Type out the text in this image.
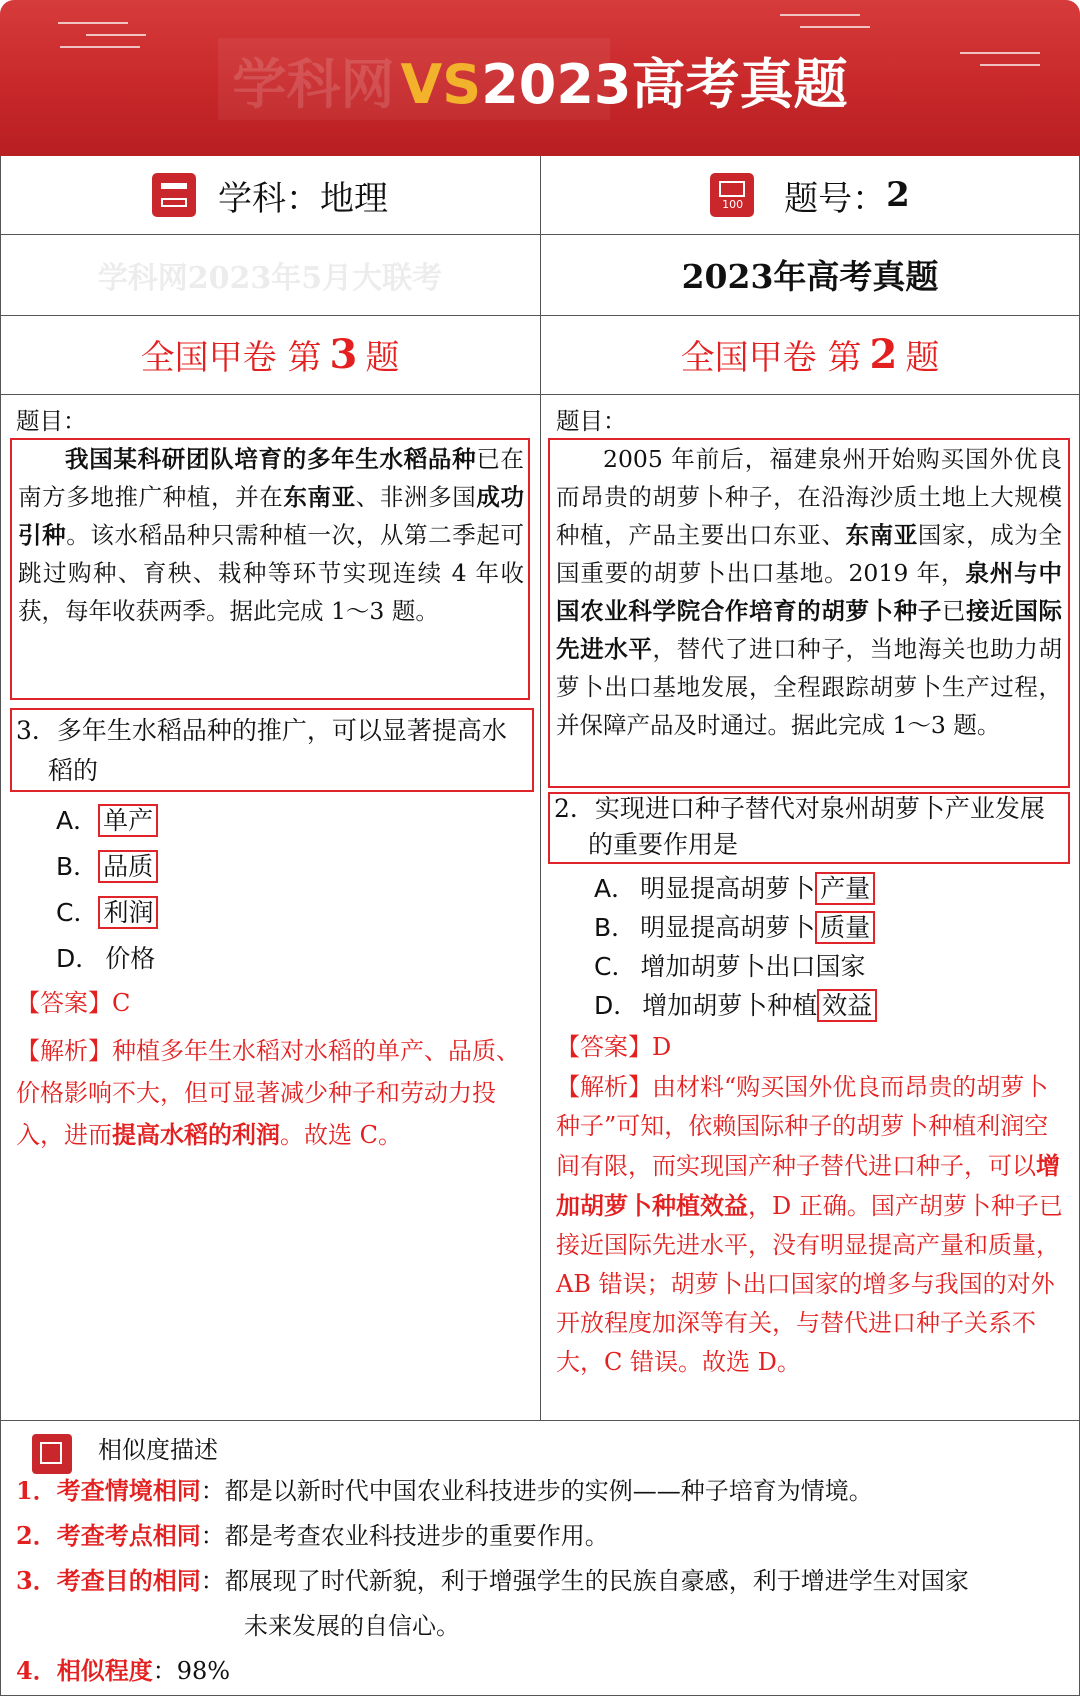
学科网 VS2023高考真题
学科： 地理	100 题号： 2
学科网2023年5月大联考	2023年高考真题
全国甲卷 第 3 题	全国甲卷 第 2 题
题目：
我国某科研团队培育的多年生水稻品种已在南方多地推广种植，并在东南亚、非洲多国成功引种。该水稻品种只需种植一次，从第二季起可跳过购种、育秧、栽种等环节实现连续 4 年收获，每年收获两季。据此完成 1～3 题。
3．多年生水稻品种的推广，可以显著提高水
稻的
A． 单产
B． 品质
C． 利润
D． 价格
【答案】C
【解析】种植多年生水稻对水稻的单产、品质、价格影响不大，但可显著减少种子和劳动力投入，进而提高水稻的利润。故选 C。
题目：
2005 年前后，福建泉州开始购买国外优良而昂贵的胡萝卜种子，在沿海沙质土地上大规模种植，产品主要出口东亚、东南亚国家，成为全国重要的胡萝卜出口基地。2019 年，泉州与中国农业科学院合作培育的胡萝卜种子已接近国际先进水平，替代了进口种子，当地海关也助力胡萝卜出口基地发展，全程跟踪胡萝卜生产过程，并保障产品及时通过。据此完成 1～3 题。
2．实现进口种子替代对泉州胡萝卜产业发展
的重要作用是
A． 明显提高胡萝卜 产量
B． 明显提高胡萝卜 质量
C． 增加胡萝卜出口国家
D． 增加胡萝卜种植 效益
【答案】D
【解析】由材料“购买国外优良而昂贵的胡萝卜种子”可知，依赖国际种子的胡萝卜种植利润空间有限，而实现国产种子替代进口种子，可以增加胡萝卜种植效益，D 正确。国产胡萝卜种子已接近国际先进水平，没有明显提高产量和质量，AB 错误；胡萝卜出口国家的增多与我国的对外开放程度加深等有关，与替代进口种子关系不大，C 错误。故选 D。
相似度描述
1．考查情境相同：都是以新时代中国农业科技进步的实例——种子培育为情境。
2．考查考点相同：都是考查农业科技进步的重要作用。
3．考查目的相同：都展现了时代新貌，利于增强学生的民族自豪感，利于增进学生对国家
未来发展的自信心。
4．相似程度：98%
